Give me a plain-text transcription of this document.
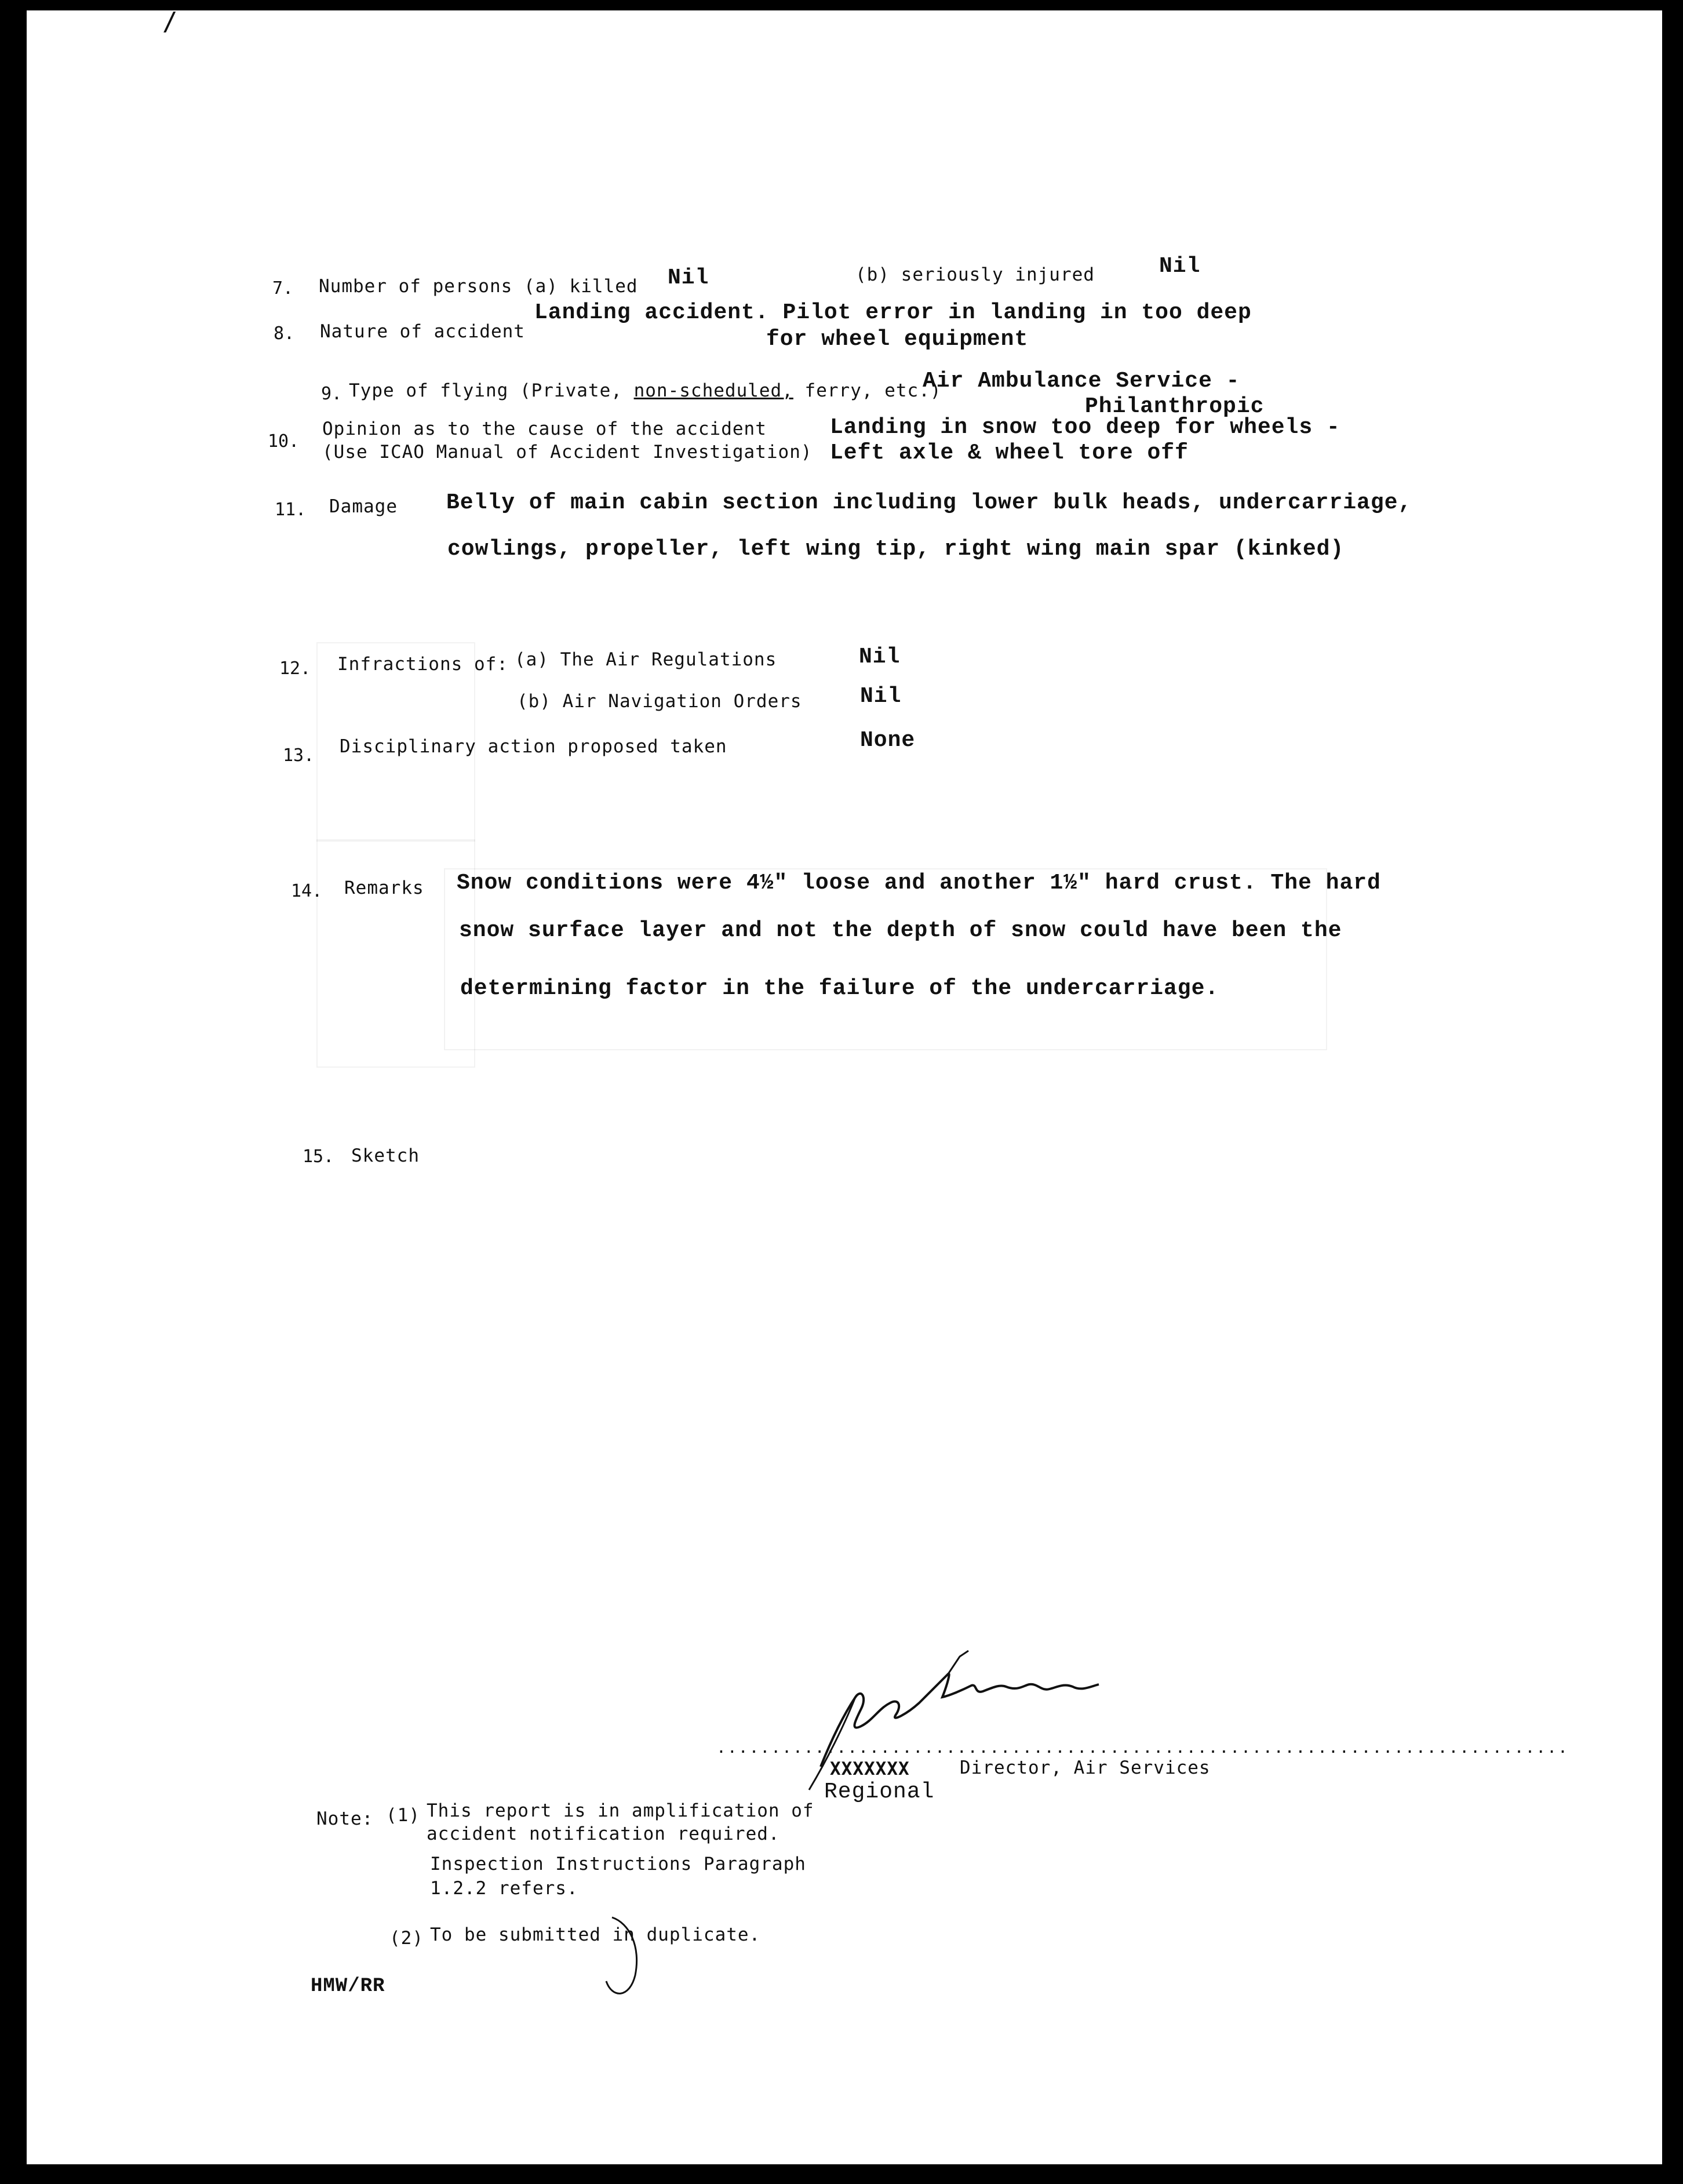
7. Number of persons (a) killed Nil	(b) seriously injured	Nil
8. Nature of accident
Landing accident. Pilot error in landing in too deep
for wheel equipment
9. Type of flying (Private, non-scheduled, ferry, etc.)
Air Ambulance Service -
Philanthropic
10.
Opinion as to the cause of the accident
(Use ICAO Manual of Accident Investigation)
Landing in snow too deep for wheels -
Left axle & wheel tore off
11. Damage Belly of main cabin section including lower bulk heads, undercarriage,
cowlings, propeller, left wing tip, right wing main spar (kinked)
12. Infractions of: (a) The Air Regulations	Nil
(b) Air Navigation Orders	Nil
13. Disciplinary action proposed taken	None
14. Remarks Snow conditions were 4½" loose and another 1½" hard crust. The hard
snow surface layer and not the depth of snow could have been the
determining factor in the failure of the undercarriage.
15. Sketch
..............................................................................
XXXXXXX	Director, Air Services
Regional
Note: (1) This report is in amplification of
accident notification required.
Inspection Instructions Paragraph
1.2.2 refers.
(2) To be submitted in duplicate.
HMW/RR
/
